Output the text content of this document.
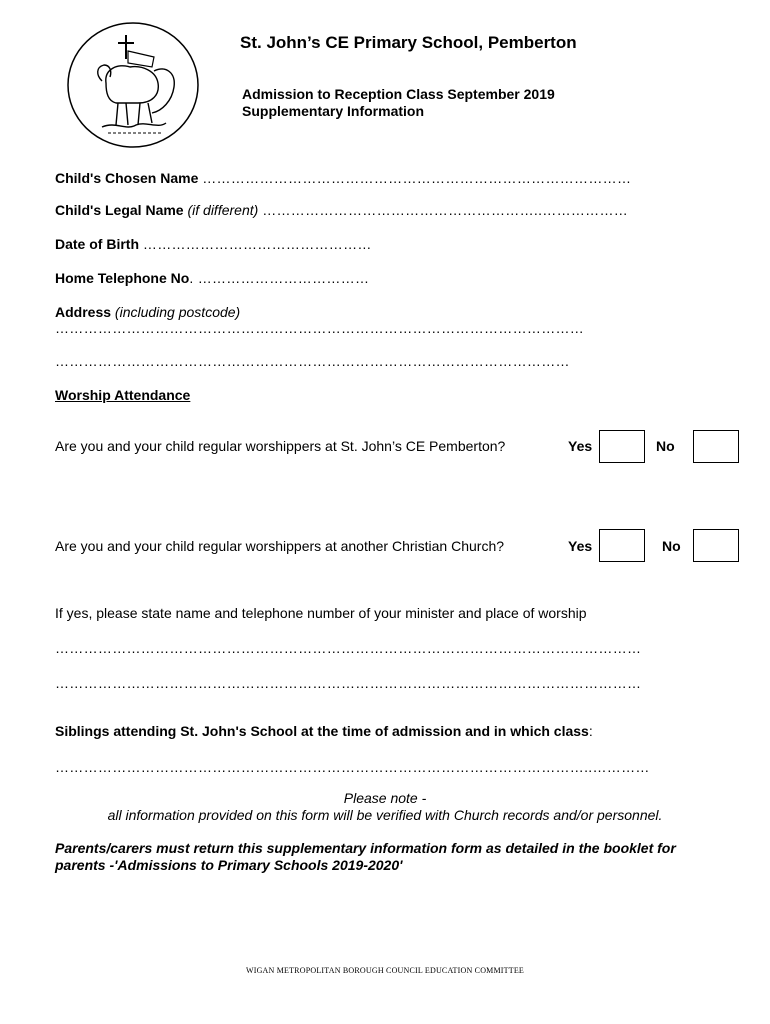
St. John’s CE Primary School, Pemberton
Admission to Reception Class September 2019
Supplementary Information
Child's Chosen Name ………………………………………………………………………………
Child's Legal Name (if different) …………………………………………………..………………
Date of Birth …………………………………………
Home Telephone No. ………………………………
Address (including postcode)
…………………………………………………………………………………………………
………………………………………………………………………………………………
Worship Attendance
Are you and your child regular worshippers at St. John’s CE Pemberton?	Yes	No
Are you and your child regular worshippers at another Christian Church?	Yes	No
If yes, please state name and telephone number of your minister and place of worship
……………………………………………………………………………………………………………
……………………………………………………………………………………………………………
Siblings attending St. John's School at the time of admission and in which class:
…………………………………………………………………………………………………..…………
Please note -
all information provided on this form will be verified with Church records and/or personnel.
Parents/carers must return this supplementary information form as detailed in the booklet for parents -'Admissions to Primary Schools 2019-2020'
WIGAN METROPOLITAN BOROUGH COUNCIL EDUCATION COMMITTEE
